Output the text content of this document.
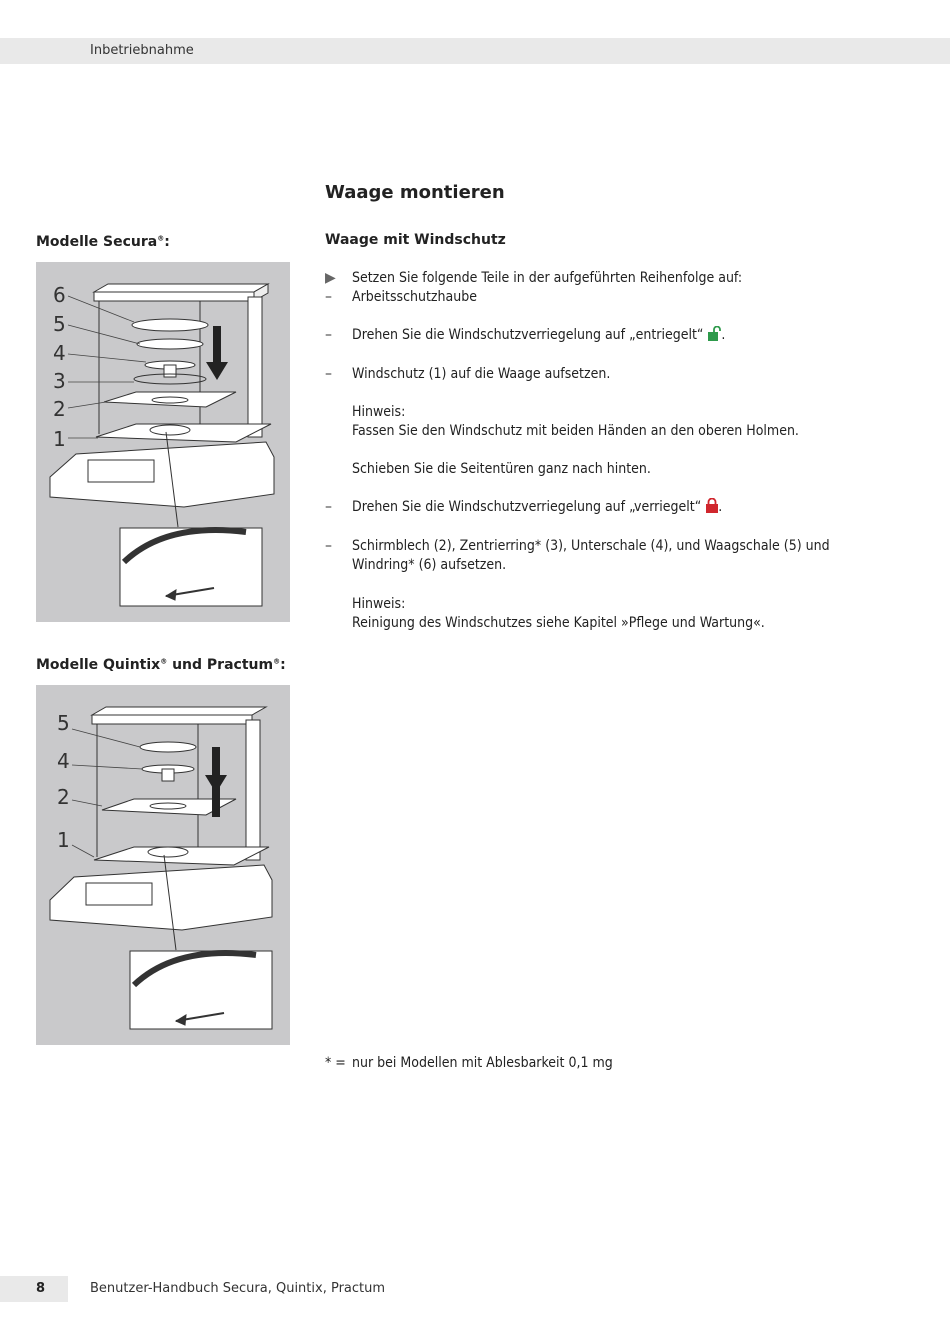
Inbetriebnahme
Waage montieren
Modelle Secura®:	Waage mit Windschutz
6
5
4
3
2
1
Modelle Quintix® und Practum®:
5
4
2
1
▶ Setzen Sie folgende Teile in der aufgeführten Reihenfolge auf:
– Arbeitsschutzhaube
– Drehen Sie die Windschutzverriegelung auf „entriegelt“ .
– Windschutz (1) auf die Waage aufsetzen.
Hinweis:
Fassen Sie den Windschutz mit beiden Händen an den oberen Holmen.
Schieben Sie die Seitentüren ganz nach hinten.
– Drehen Sie die Windschutzverriegelung auf „verriegelt“ .
– Schirmblech (2), Zentrierring* (3), Unterschale (4), und Waagschale (5) und
Windring* (6) aufsetzen.
Hinweis:
Reinigung des Windschutzes siehe Kapitel »Pflege und Wartung«.
* = nur bei Modellen mit Ablesbarkeit 0,1 mg
8	Benutzer-Handbuch Secura, Quintix, Practum
